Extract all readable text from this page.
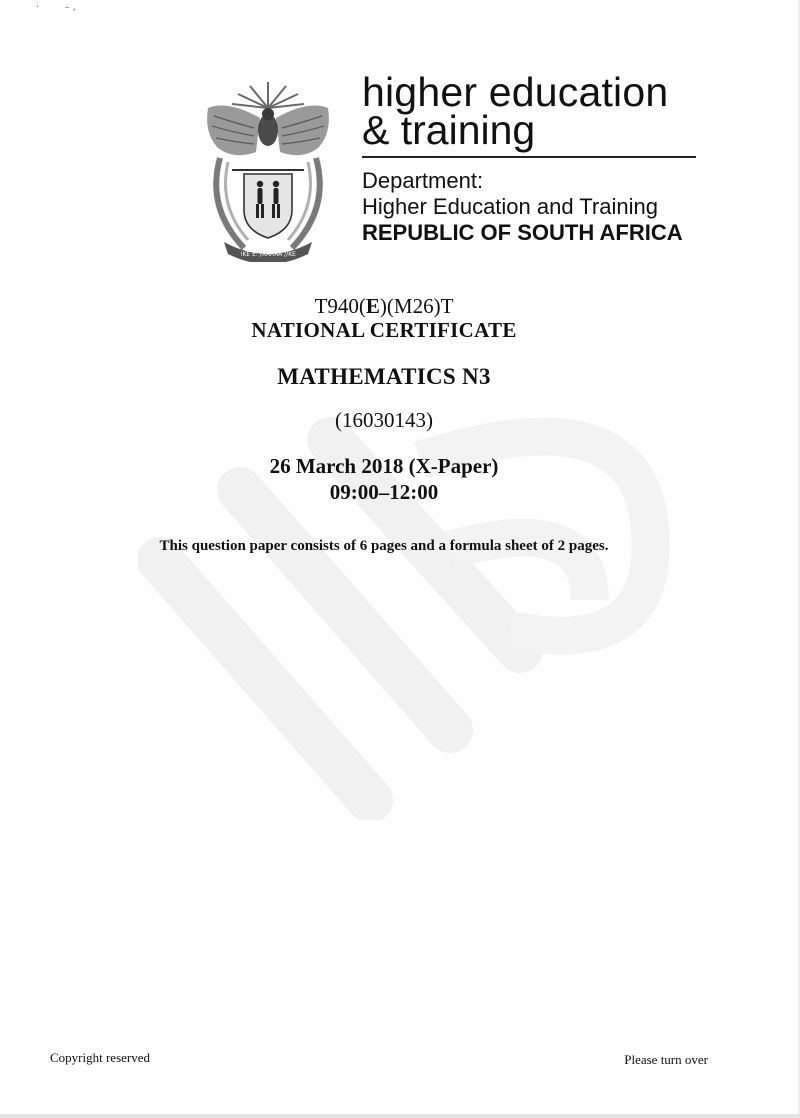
·        – ,
!KE E: /XARRA //KE
higher education
& training
Department:
Higher Education and Training
REPUBLIC OF SOUTH AFRICA
T940(E)(M26)T
NATIONAL CERTIFICATE
MATHEMATICS N3
(16030143)
26 March 2018 (X-Paper)
09:00–12:00
This question paper consists of 6 pages and a formula sheet of 2 pages.
Copyright reserved	Please turn over
